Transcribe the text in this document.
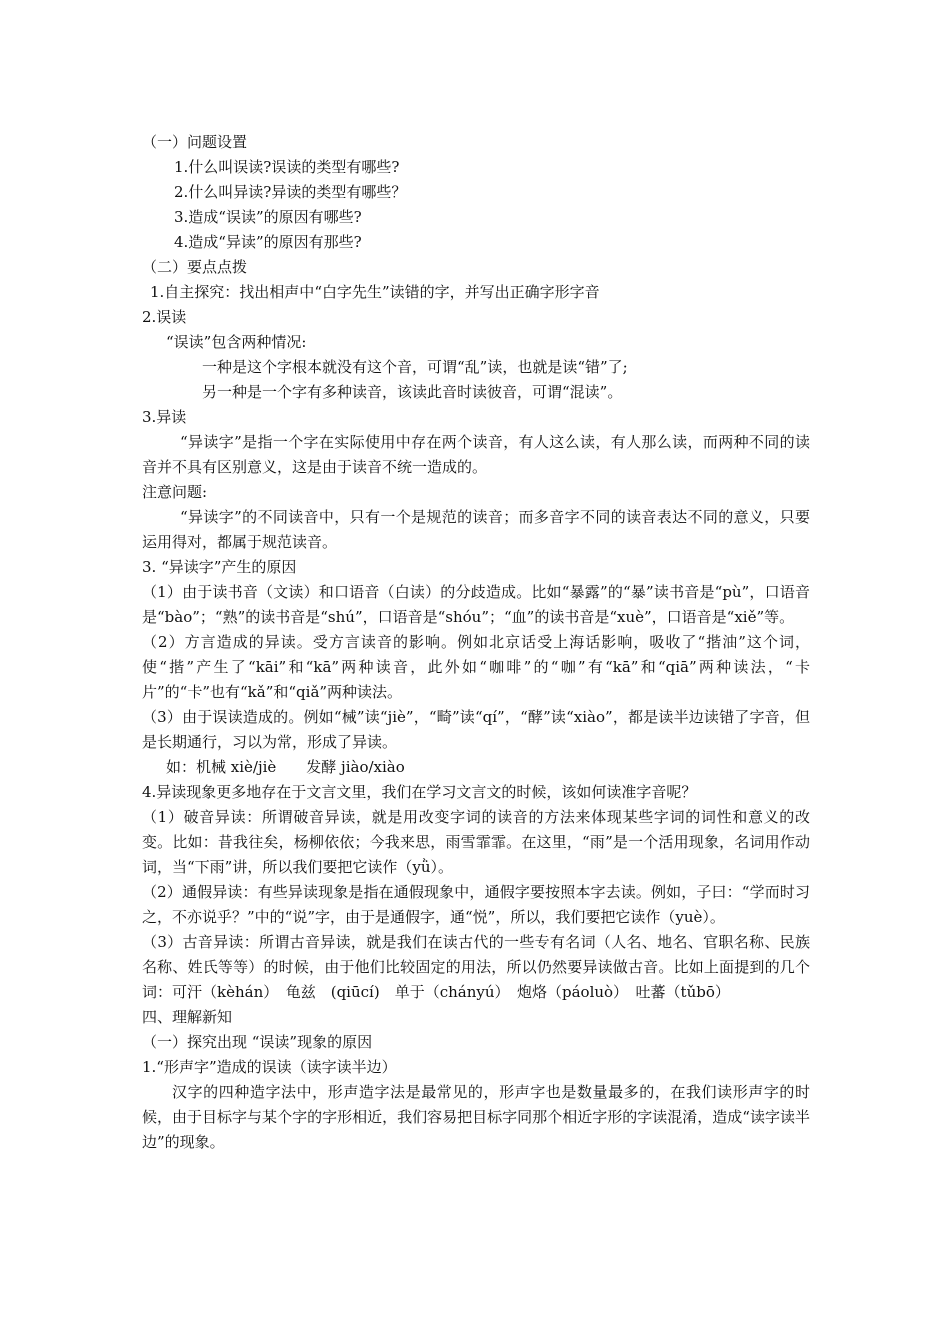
（一）问题设置
1.什么叫误读?误读的类型有哪些?
2.什么叫异读?异读的类型有哪些？
3.造成“误读”的原因有哪些?
4.造成“异读”的原因有那些?
（二）要点点拨
1.自主探究：找出相声中“白字先生”读错的字，并写出正确字形字音
2.误读
“误读”包含两种情况:
一种是这个字根本就没有这个音，可谓“乱”读，也就是读“错”了;
另一种是一个字有多种读音，该读此音时读彼音，可谓“混读”。
3.异读
“异读字”是指一个字在实际使用中存在两个读音，有人这么读，有人那么读，而两种不同的读音并不具有区别意义，这是由于读音不统一造成的。
注意问题:
“异读字”的不同读音中，只有一个是规范的读音；而多音字不同的读音表达不同的意义，只要运用得对，都属于规范读音。
3. “异读字”产生的原因
（1）由于读书音（文读）和口语音（白读）的分歧造成。比如“暴露”的“暴”读书音是“pù”，口语音是“bào”；“熟”的读书音是“shú”，口语音是“shóu”；“血”的读书音是“xuè”，口语音是“xiě”等。
（2）方言造成的异读。受方言读音的影响。例如北京话受上海话影响，吸收了“揩油”这个词，使“揩”产生了“kāi”和“kā”两种读音，此外如“咖啡”的“咖”有“kā”和“qiā”两种读法，“卡片”的“卡”也有“kǎ”和“qiǎ”两种读法。
（3）由于误读造成的。例如“械”读“jiè”，“畸”读“qí”，“酵”读“xiào”，都是读半边读错了字音，但是长期通行，习以为常，形成了异读。
如：机械 xiè/jiè　　发酵 jiào/xiào
4.异读现象更多地存在于文言文里，我们在学习文言文的时候，该如何读准字音呢？
（1）破音异读：所谓破音异读，就是用改变字词的读音的方法来体现某些字词的词性和意义的改变。比如：昔我往矣，杨柳依依；今我来思，雨雪霏霏。在这里，“雨”是一个活用现象，名词用作动词，当“下雨”讲，所以我们要把它读作（yǜ）。
（2）通假异读：有些异读现象是指在通假现象中，通假字要按照本字去读。例如，子曰：“学而时习之，不亦说乎？”中的“说”字，由于是通假字，通“悦”，所以，我们要把它读作（yuè）。
（3）古音异读：所谓古音异读，就是我们在读古代的一些专有名词（人名、地名、官职名称、民族名称、姓氏等等）的时候，由于他们比较固定的用法，所以仍然要异读做古音。比如上面提到的几个词：可汗（kèhán）　龟兹　(qiūcí)　单于（chányú）　炮烙（páoluò）　吐蕃（tǔbō）
四、理解新知
（一）探究出现 “误读”现象的原因
1.“形声字”造成的误读（读字读半边）
汉字的四种造字法中，形声造字法是最常见的，形声字也是数量最多的，在我们读形声字的时候，由于目标字与某个字的字形相近，我们容易把目标字同那个相近字形的字读混淆，造成“读字读半边”的现象。
